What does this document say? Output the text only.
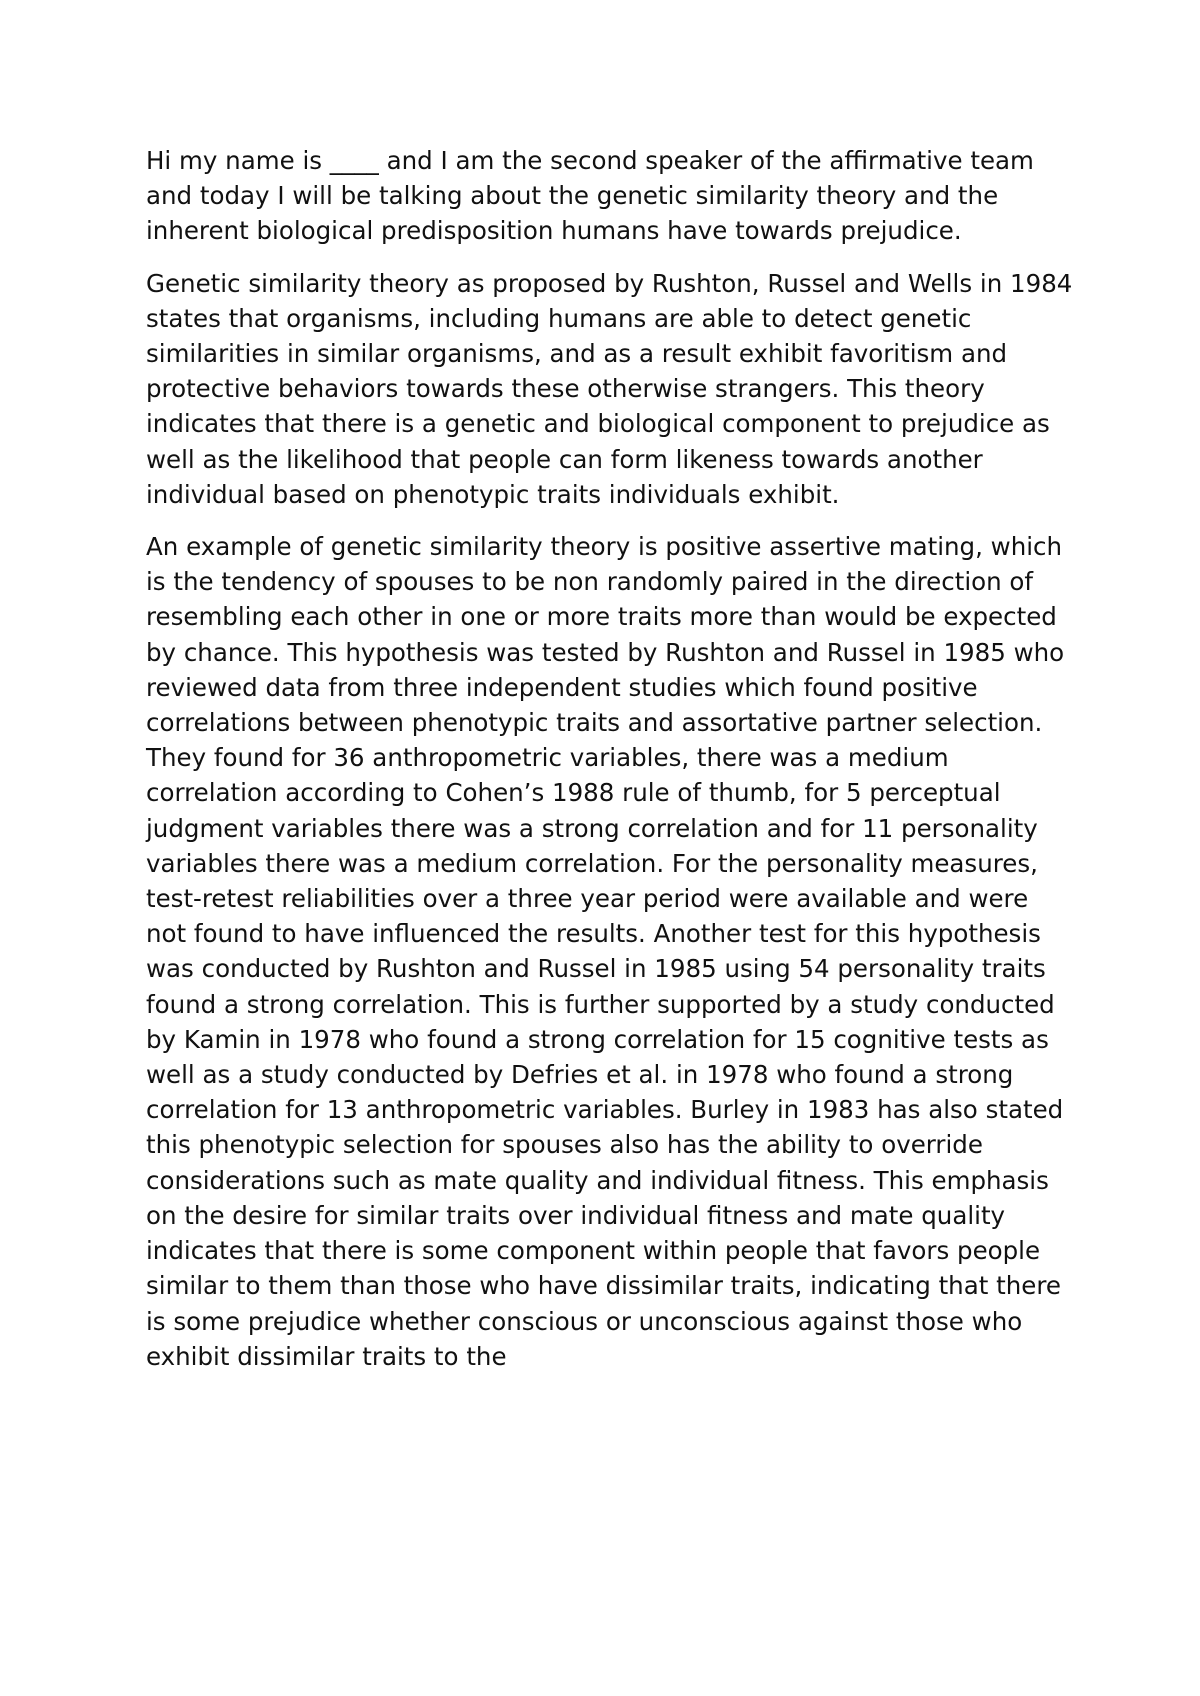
Hi my name is ____ and I am the second speaker of the affirmative team and today I will be talking about the genetic similarity theory and the inherent biological predisposition humans have towards prejudice.

Genetic similarity theory as proposed by Rushton, Russel and Wells in 1984 states that organisms, including humans are able to detect genetic similarities in similar organisms, and as a result exhibit favoritism and protective behaviors towards these otherwise strangers. This theory indicates that there is a genetic and biological component to prejudice as well as the likelihood that people can form likeness towards another individual based on phenotypic traits individuals exhibit.

An example of genetic similarity theory is positive assertive mating, which is the tendency of spouses to be non randomly paired in the direction of resembling each other in one or more traits more than would be expected by chance. This hypothesis was tested by Rushton and Russel in 1985 who reviewed data from three independent studies which found positive correlations between phenotypic traits and assortative partner selection. They found for 36 anthropometric variables, there was a medium correlation according to Cohen’s 1988 rule of thumb, for 5 perceptual judgment variables there was a strong correlation and for 11 personality variables there was a medium correlation. For the personality measures, test-retest reliabilities over a three year period were available and were not found to have influenced the results. Another test for this hypothesis was conducted by Rushton and Russel in 1985 using 54 personality traits found a strong correlation. This is further supported by a study conducted by Kamin in 1978 who found a strong correlation for 15 cognitive tests as well as a study conducted by Defries et al. in 1978 who found a strong correlation for 13 anthropometric variables. Burley in 1983 has also stated this phenotypic selection for spouses also has the ability to override considerations such as mate quality and individual fitness. This emphasis on the desire for similar traits over individual fitness and mate quality indicates that there is some component within people that favors people similar to them than those who have dissimilar traits, indicating that there is some prejudice whether conscious or unconscious against those who exhibit dissimilar traits to the
